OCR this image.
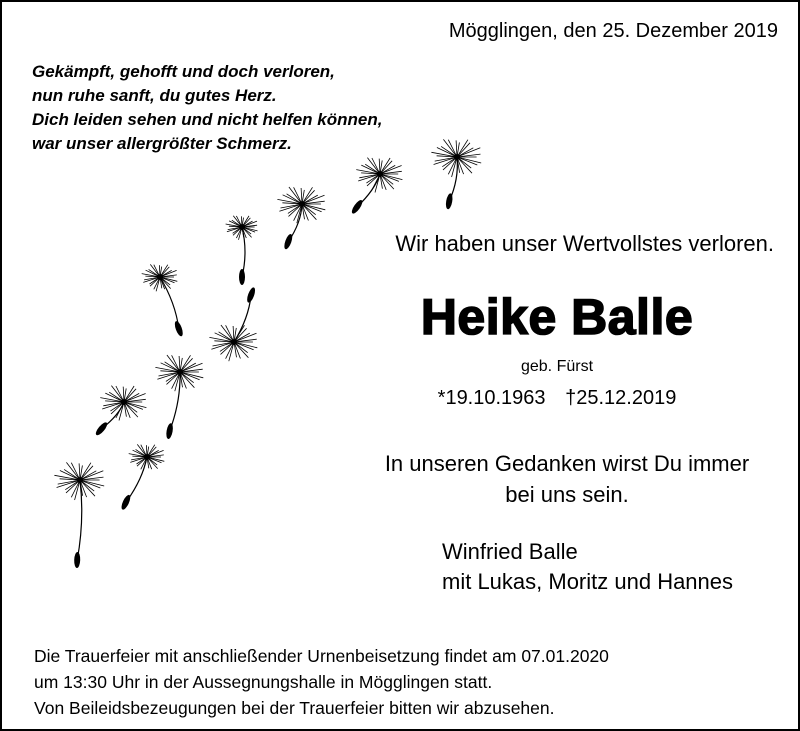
Mögglingen, den 25. Dezember 2019
Gekämpft, gehofft und doch verloren,
nun ruhe sanft, du gutes Herz.
Dich leiden sehen und nicht helfen können,
war unser allergrößter Schmerz.
Wir haben unser Wertvollstes verloren.
Heike Balle
geb. Fürst
*19.10.1963 †25.12.2019
In unseren Gedanken wirst Du immer
bei uns sein.
Winfried Balle
mit Lukas, Moritz und Hannes
Die Trauerfeier mit anschließender Urnenbeisetzung findet am 07.01.2020
um 13:30 Uhr in der Aussegnungshalle in Mögglingen statt.
Von Beileidsbezeugungen bei der Trauerfeier bitten wir abzusehen.
